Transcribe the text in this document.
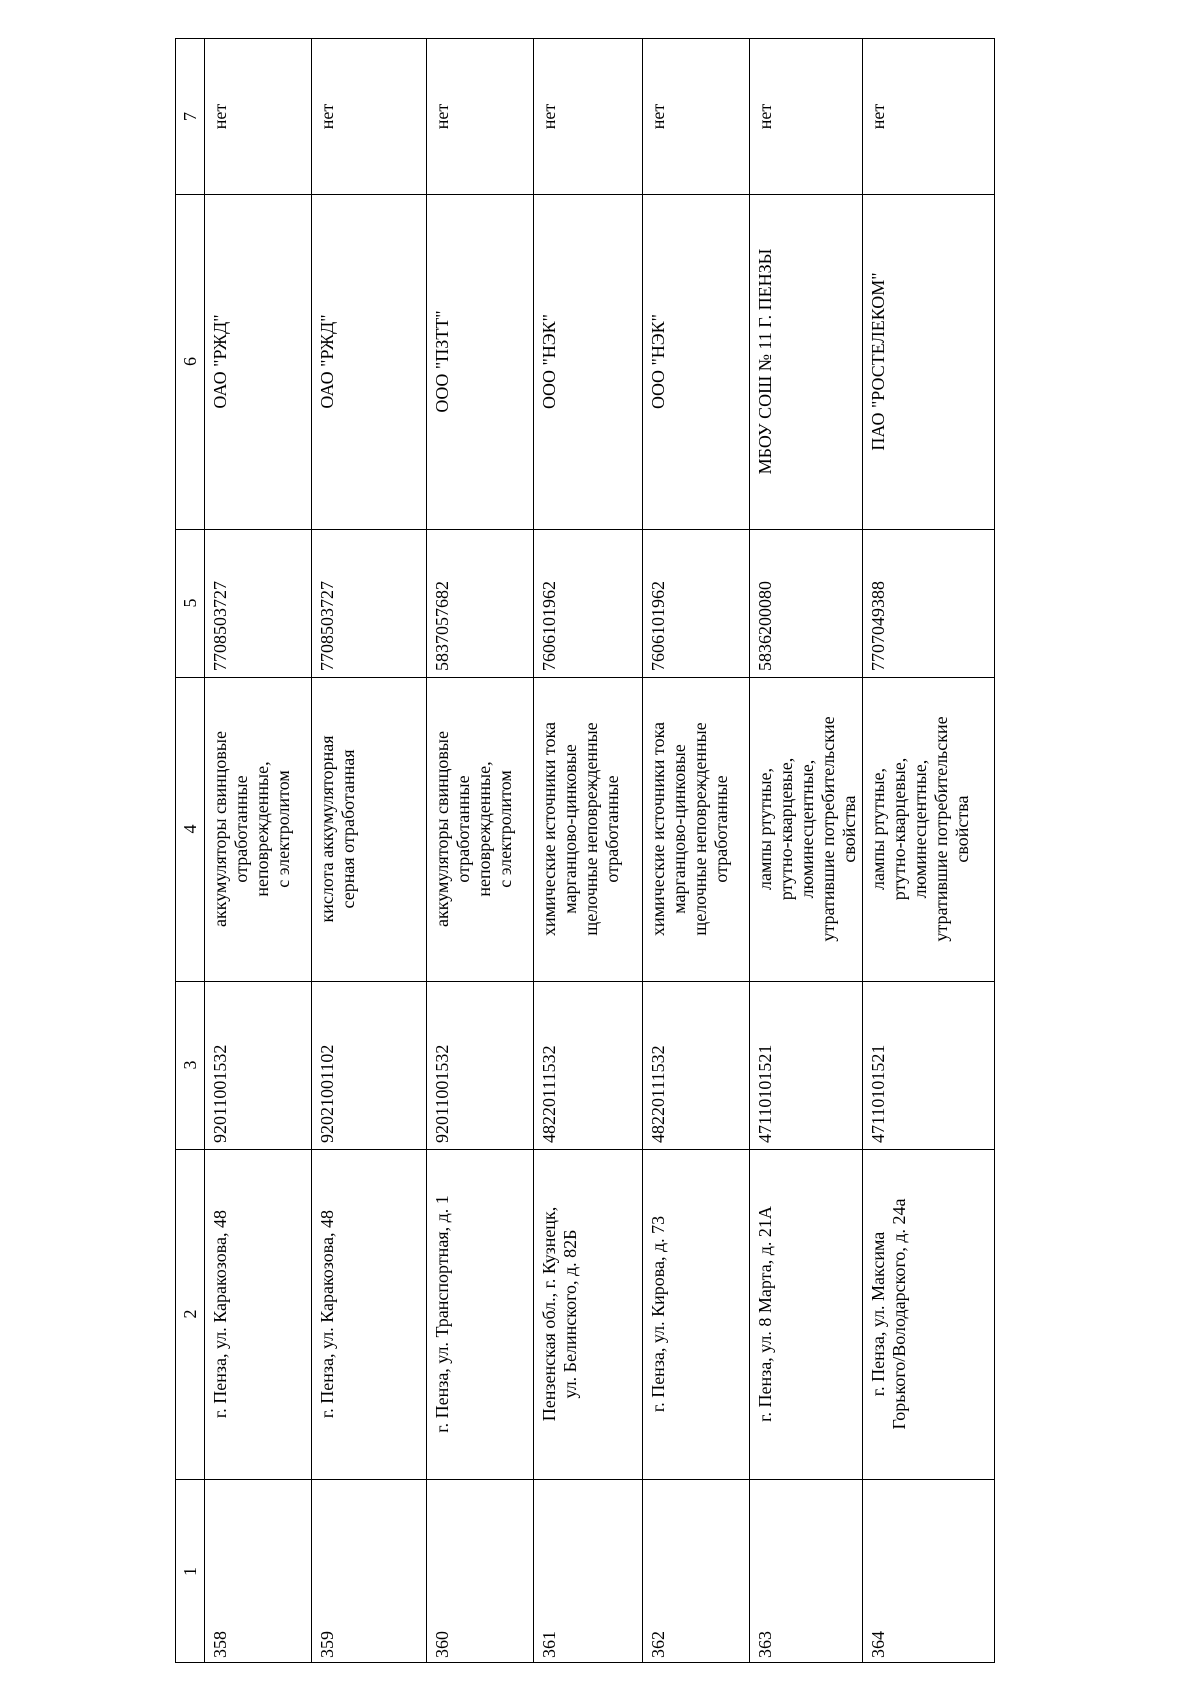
1
2
3
4
5
6
7
358
г. Пенза, ул. Каракозова, 48
92011001532
аккумуляторы свинцовые отработанные неповрежденные, с электролитом
7708503727
ОАО "РЖД"
нет
359
г. Пенза, ул. Каракозова, 48
92021001102
кислота аккумуляторная серная отработанная
7708503727
ОАО "РЖД"
нет
360
г. Пенза, ул. Транспортная, д. 1
92011001532
аккумуляторы свинцовые отработанные неповрежденные, с электролитом
5837057682
ООО "ПЗТТ"
нет
361
Пензенская обл., г. Кузнецк, ул. Белинского, д. 82Б
48220111532
химические источники тока марганцово-цинковые щелочные неповрежденные отработанные
7606101962
ООО "НЭК"
нет
362
г. Пенза, ул. Кирова, д. 73
48220111532
химические источники тока марганцово-цинковые щелочные неповрежденные отработанные
7606101962
ООО "НЭК"
нет
363
г. Пенза, ул. 8 Марта, д. 21А
47110101521
лампы ртутные, ртутно-кварцевые, люминесцентные, утратившие потребительские свойства
5836200080
МБОУ СОШ № 11 Г. ПЕНЗЫ
нет
364
г. Пенза, ул. Максима Горького/Володарского, д. 24а
47110101521
лампы ртутные, ртутно-кварцевые, люминесцентные, утратившие потребительские свойства
7707049388
ПАО "РОСТЕЛЕКОМ"
нет
